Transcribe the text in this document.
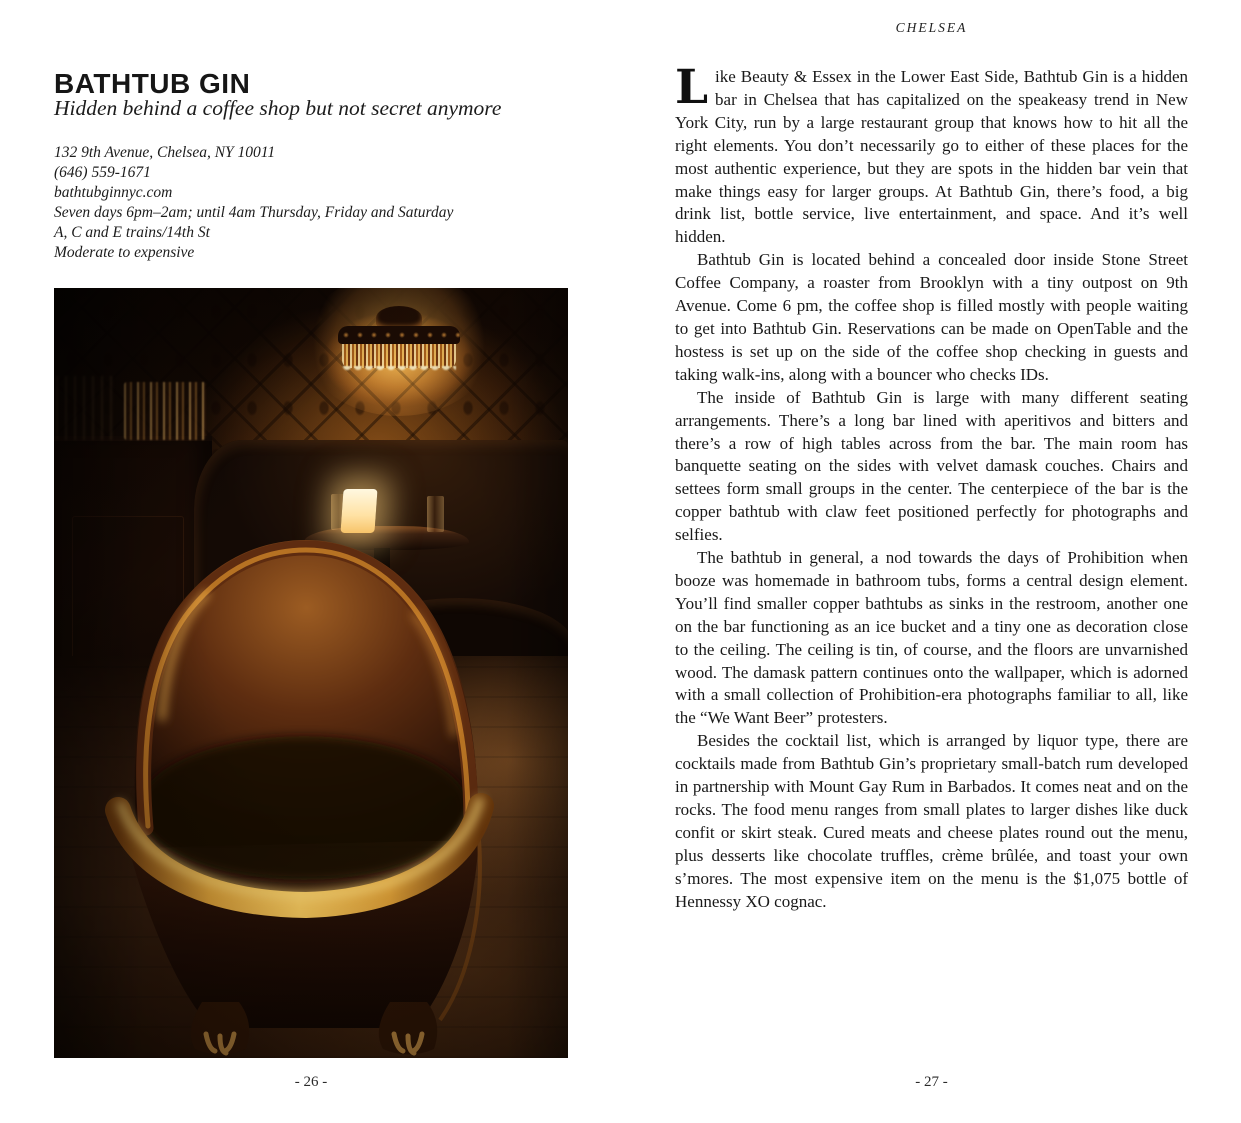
BATHTUB GIN
Hidden behind a coffee shop but not secret anymore
132 9th Avenue, Chelsea, NY 10011
(646) 559-1671
bathtubginnyc.com
Seven days 6pm–2am; until 4am Thursday, Friday and Saturday
A, C and E trains/14th St
Moderate to expensive
- 26 -
CHELSEA

Like Beauty & Essex in the Lower East Side, Bathtub Gin is a hidden bar in Chelsea that has capitalized on the speakeasy trend in New York City, run by a large restaurant group that knows how to hit all the right elements. You don’t necessarily go to either of these places for the most authentic experience, but they are spots in the hidden bar vein that make things easy for larger groups. At Bathtub Gin, there’s food, a big drink list, bottle service, live entertainment, and space. And it’s well hidden.

Bathtub Gin is located behind a concealed door inside Stone Street Coffee Company, a roaster from Brooklyn with a tiny outpost on 9th Avenue. Come 6 pm, the coffee shop is filled mostly with people waiting to get into Bathtub Gin. Reservations can be made on OpenTable and the hostess is set up on the side of the coffee shop checking in guests and taking walk-ins, along with a bouncer who checks IDs.

The inside of Bathtub Gin is large with many different seating arrangements. There’s a long bar lined with aperitivos and bitters and there’s a row of high tables across from the bar. The main room has banquette seating on the sides with velvet damask couches. Chairs and settees form small groups in the center. The centerpiece of the bar is the copper bathtub with claw feet positioned perfectly for photographs and selfies.

The bathtub in general, a nod towards the days of Prohibition when booze was homemade in bathroom tubs, forms a central design element. You’ll find smaller copper bathtubs as sinks in the restroom, another one on the bar functioning as an ice bucket and a tiny one as decoration close to the ceiling. The ceiling is tin, of course, and the floors are unvarnished wood. The damask pattern continues onto the wallpaper, which is adorned with a small collection of Prohibition-era photographs familiar to all, like the “We Want Beer” protesters.

Besides the cocktail list, which is arranged by liquor type, there are cocktails made from Bathtub Gin’s proprietary small-batch rum developed in partnership with Mount Gay Rum in Barbados. It comes neat and on the rocks. The food menu ranges from small plates to larger dishes like duck confit or skirt steak. Cured meats and cheese plates round out the menu, plus desserts like chocolate truffles, crème brûlée, and toast your own s’mores. The most expensive item on the menu is the $1,075 bottle of Hennessy XO cognac.

- 27 -
